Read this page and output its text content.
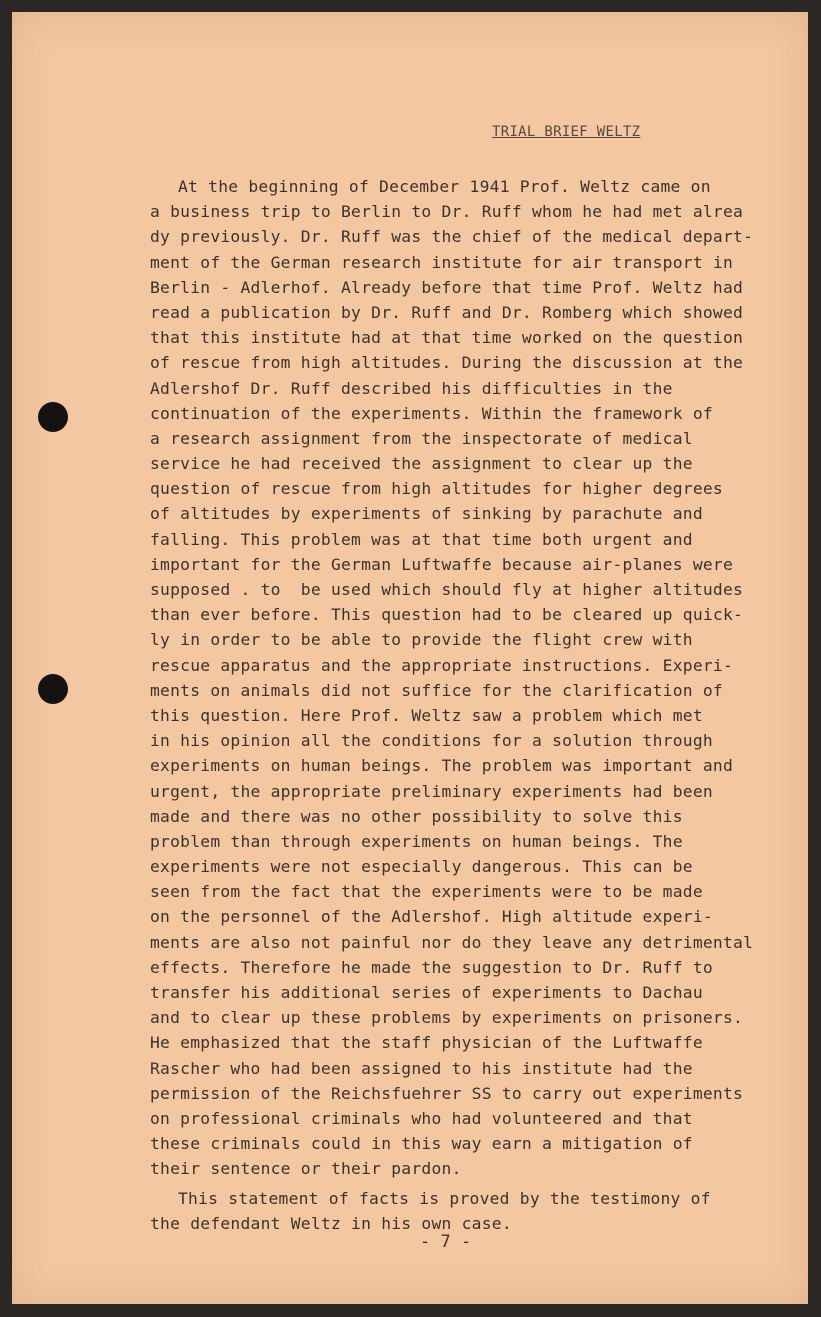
TRIAL BRIEF WELTZ
At the beginning of December 1941 Prof. Weltz came on
a business trip to Berlin to Dr. Ruff whom he had met alrea
dy previously. Dr. Ruff was the chief of the medical depart-
ment of the German research institute for air transport in
Berlin - Adlerhof. Already before that time Prof. Weltz had
read a publication by Dr. Ruff and Dr. Romberg which showed
that this institute had at that time worked on the question
of rescue from high altitudes. During the discussion at the
Adlershof Dr. Ruff described his difficulties in the
continuation of the experiments. Within the framework of
a research assignment from the inspectorate of medical
service he had received the assignment to clear up the
question of rescue from high altitudes for higher degrees
of altitudes by experiments of sinking by parachute and
falling. This problem was at that time both urgent and
important for the German Luftwaffe because air-planes were
supposed . to  be used which should fly at higher altitudes
than ever before. This question had to be cleared up quick-
ly in order to be able to provide the flight crew with
rescue apparatus and the appropriate instructions. Experi-
ments on animals did not suffice for the clarification of
this question. Here Prof. Weltz saw a problem which met
in his opinion all the conditions for a solution through
experiments on human beings. The problem was important and
urgent, the appropriate preliminary experiments had been
made and there was no other possibility to solve this
problem than through experiments on human beings. The
experiments were not especially dangerous. This can be
seen from the fact that the experiments were to be made
on the personnel of the Adlershof. High altitude experi-
ments are also not painful nor do they leave any detrimental
effects. Therefore he made the suggestion to Dr. Ruff to
transfer his additional series of experiments to Dachau
and to clear up these problems by experiments on prisoners.
He emphasized that the staff physician of the Luftwaffe
Rascher who had been assigned to his institute had the
permission of the Reichsfuehrer SS to carry out experiments
on professional criminals who had volunteered and that
these criminals could in this way earn a mitigation of
their sentence or their pardon.
This statement of facts is proved by the testimony of
the defendant Weltz in his own case.
- 7 -
